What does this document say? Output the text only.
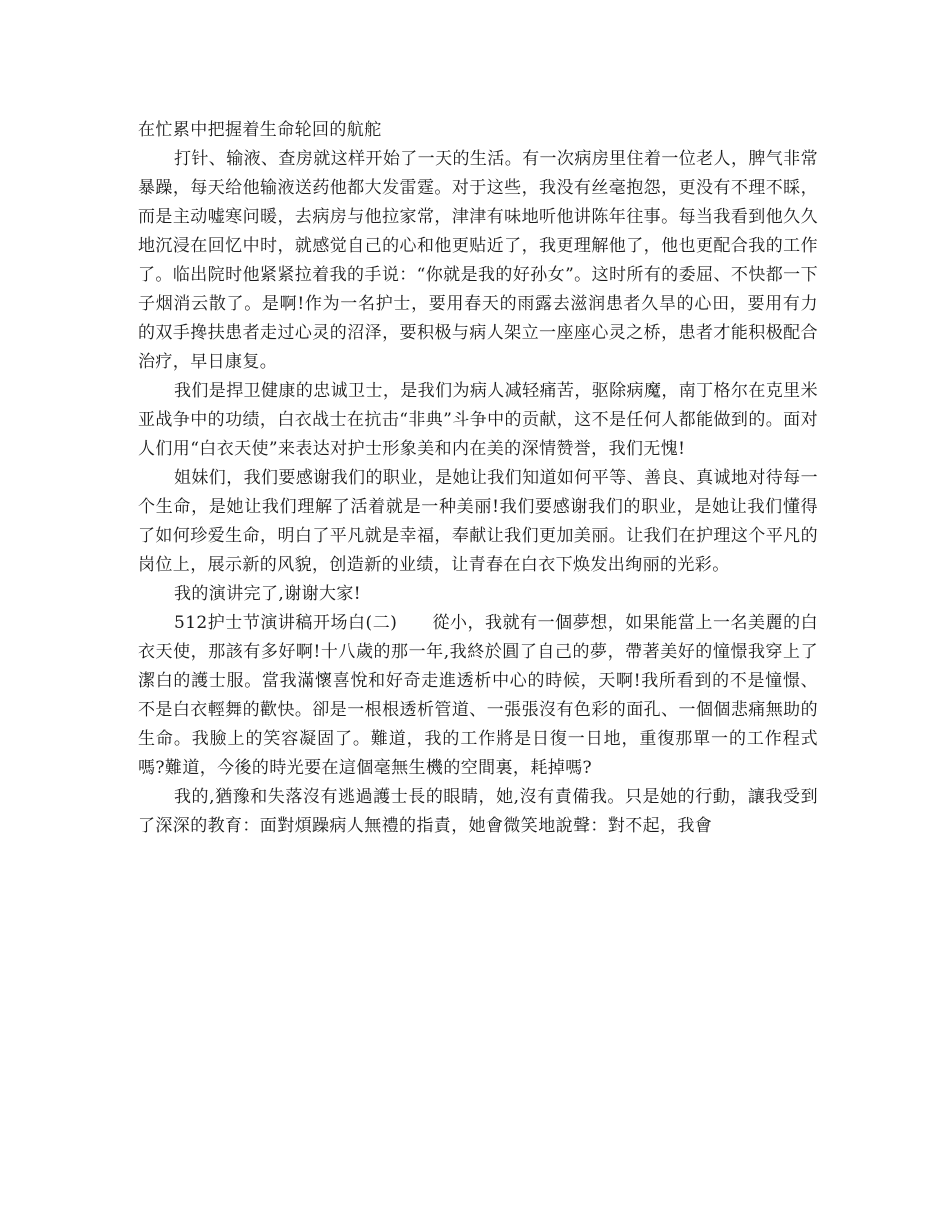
在忙累中把握着生命轮回的航舵

打针、输液、查房就这样开始了一天的生活。有一次病房里住着一位老人，脾气非常暴躁，每天给他输液送药他都大发雷霆。对于这些，我没有丝毫抱怨，更没有不理不睬，而是主动嘘寒问暖，去病房与他拉家常，津津有味地听他讲陈年往事。每当我看到他久久地沉浸在回忆中时，就感觉自己的心和他更贴近了，我更理解他了，他也更配合我的工作了。临出院时他紧紧拉着我的手说：“你就是我的好孙女”。这时所有的委屈、不快都一下子烟消云散了。是啊!作为一名护士，要用春天的雨露去滋润患者久旱的心田，要用有力的双手搀扶患者走过心灵的沼泽，要积极与病人架立一座座心灵之桥，患者才能积极配合治疗，早日康复。

我们是捍卫健康的忠诚卫士，是我们为病人减轻痛苦，驱除病魔，南丁格尔在克里米亚战争中的功绩，白衣战士在抗击“非典”斗争中的贡献，这不是任何人都能做到的。面对人们用“白衣天使”来表达对护士形象美和内在美的深情赞誉，我们无愧!

姐妹们，我们要感谢我们的职业，是她让我们知道如何平等、善良、真诚地对待每一个生命，是她让我们理解了活着就是一种美丽!我们要感谢我们的职业，是她让我们懂得了如何珍爱生命，明白了平凡就是幸福，奉献让我们更加美丽。让我们在护理这个平凡的岗位上，展示新的风貌，创造新的业绩，让青春在白衣下焕发出绚丽的光彩。

我的演讲完了,谢谢大家!

512护士节演讲稿开场白(二)　　從小，我就有一個夢想，如果能當上一名美麗的白衣天使，那該有多好啊!十八歲的那一年,我終於圓了自己的夢，帶著美好的憧憬我穿上了潔白的護士服。當我滿懷喜悅和好奇走進透析中心的時候，天啊!我所看到的不是憧憬、不是白衣輕舞的歡快。卻是一根根透析管道、一張張沒有色彩的面孔、一個個悲痛無助的生命。我臉上的笑容凝固了。難道，我的工作將是日復一日地，重復那單一的工作程式嗎?難道，今後的時光要在這個毫無生機的空間裏，耗掉嗎?

我的,猶豫和失落沒有逃過護士長的眼睛，她,沒有責備我。只是她的行動，讓我受到了深深的教育：面對煩躁病人無禮的指責，她會微笑地說聲：對不起，我會
